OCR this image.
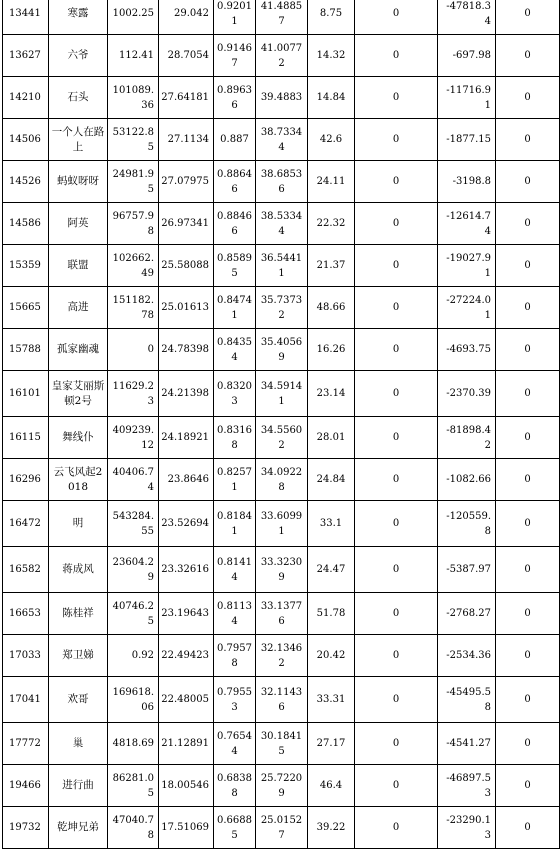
13441	寒露	1002.25	29.042	0.92011	41.48857	8.75	0	-47818.34	0	
13627	六爷	112.41	28.7054	0.91467	41.00772	14.32	0	-697.98	0	
14210	石头	101089.36	27.64181	0.89636	39.4883	14.84	0	-11716.91	0	
14506	一个人在路上	53122.85	27.1134	0.887	38.73344	42.6	0	-1877.15	0	
14526	蚂蚁呀呀	24981.95	27.07975	0.88646	38.68536	24.11	0	-3198.8	0	
14586	阿英	96757.98	26.97341	0.88466	38.53344	22.32	0	-12614.74	0	
15359	联盟	102662.49	25.58088	0.85895	36.54411	21.37	0	-19027.91	0	
15665	高进	151182.78	25.01613	0.84741	35.73732	48.66	0	-27224.01	0	
15788	孤家幽魂	0	24.78398	0.84354	35.40569	16.26	0	-4693.75	0	
16101	皇家艾丽斯顿2号	11629.23	24.21398	0.83203	34.59141	23.14	0	-2370.39	0	
16115	舞线仆	409239.12	24.18921	0.83168	34.55602	28.01	0	-81898.42	0	
16296	云飞风起2018	40406.74	23.8646	0.82571	34.09228	24.84	0	-1082.66	0	
16472	明	543284.55	23.52694	0.81841	33.60991	33.1	0	-120559.8	0	
16582	蒋成风	23604.29	23.32616	0.81414	33.32309	24.47	0	-5387.97	0	
16653	陈桂祥	40746.25	23.19643	0.81134	33.13776	51.78	0	-2768.27	0	
17033	郑卫娣	0.92	22.49423	0.79578	32.13462	20.42	0	-2534.36	0	
17041	欢哥	169618.06	22.48005	0.79553	32.11436	33.31	0	-45495.58	0	
17772	巢	4818.69	21.12891	0.76544	30.18415	27.17	0	-4541.27	0	
19466	进行曲	86281.05	18.00546	0.68388	25.72209	46.4	0	-46897.53	0	
19732	乾坤兄弟	47040.78	17.51069	0.66885	25.01527	39.22	0	-23290.13	0	
